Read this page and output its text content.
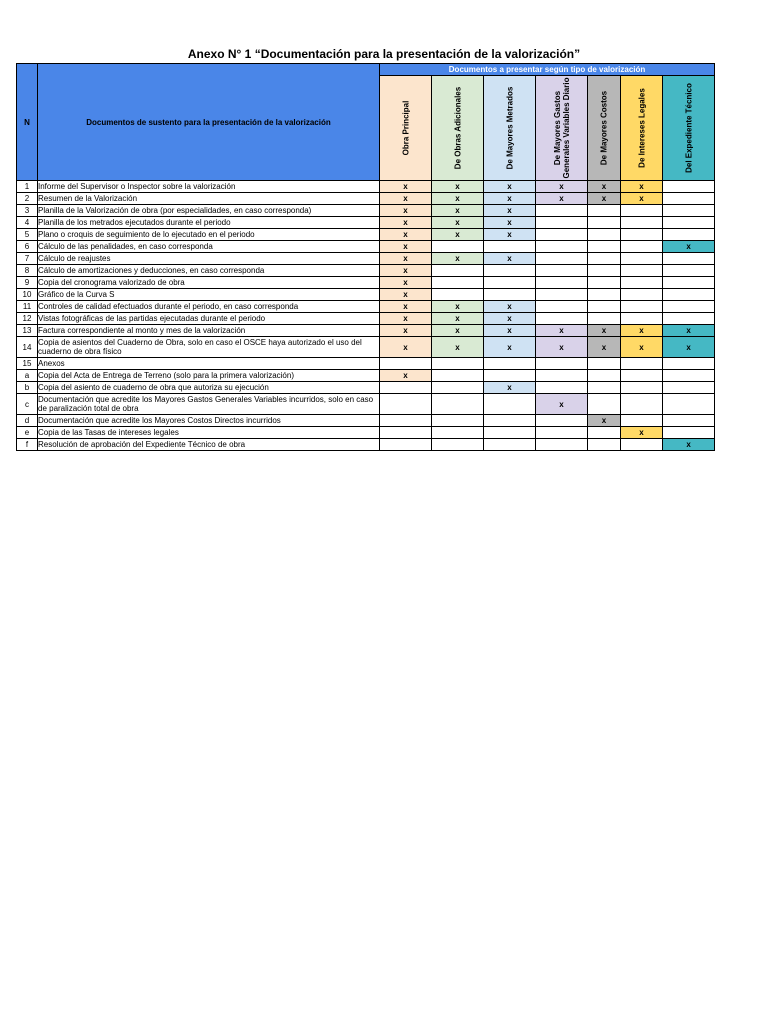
Anexo N° 1 “Documentación para la presentación de la valorización”
N	Documentos de sustento para la presentación de la valorización	Documentos a presentar según tipo de valorización						

		Obra Principal	De Obras Adicionales	De Mayores Metrados	De Mayores Gastos Generales Variables Diario	De Mayores Costos	De Intereses Legales	Del Expediente Técnico

1	Informe del Supervisor o Inspector sobre la valorización	x	x	x	x	x	x	
2	Resumen de la Valorización	x	x	x	x	x	x	
3	Planilla de la Valorización de obra (por especialidades, en caso corresponda)	x	x	x				
4	Planilla de los metrados ejecutados durante el periodo	x	x	x				
5	Plano o croquis de seguimiento de lo ejecutado en el periodo	x	x	x				
6	Cálculo de las penalidades, en caso corresponda	x						x
7	Cálculo de reajustes	x	x	x				
8	Cálculo de amortizaciones y deducciones, en caso corresponda	x						
9	Copia del cronograma valorizado de obra	x						
10	Gráfico de la Curva S	x						
11	Controles de calidad efectuados durante el periodo, en caso corresponda	x	x	x				
12	Vistas fotográficas de las partidas ejecutadas durante el periodo	x	x	x				
13	Factura correspondiente al monto y mes de la valorización	x	x	x	x	x	x	x
14	Copia de asientos del Cuaderno de Obra, solo en caso el OSCE haya autorizado el uso del cuaderno de obra físico	x	x	x	x	x	x	x
15	Anexos							
a	Copia del Acta de Entrega de Terreno (solo para la primera valorización)	x						
b	Copia del asiento de cuaderno de obra que autoriza su ejecución			x				
c	Documentación que acredite los Mayores Gastos Generales Variables incurridos, solo en caso de paralización total de obra				x			
d	Documentación que acredite los Mayores Costos Directos incurridos					x		
e	Copia de las Tasas de intereses legales						x	
f	Resolución de aprobación del Expediente Técnico de obra							x
